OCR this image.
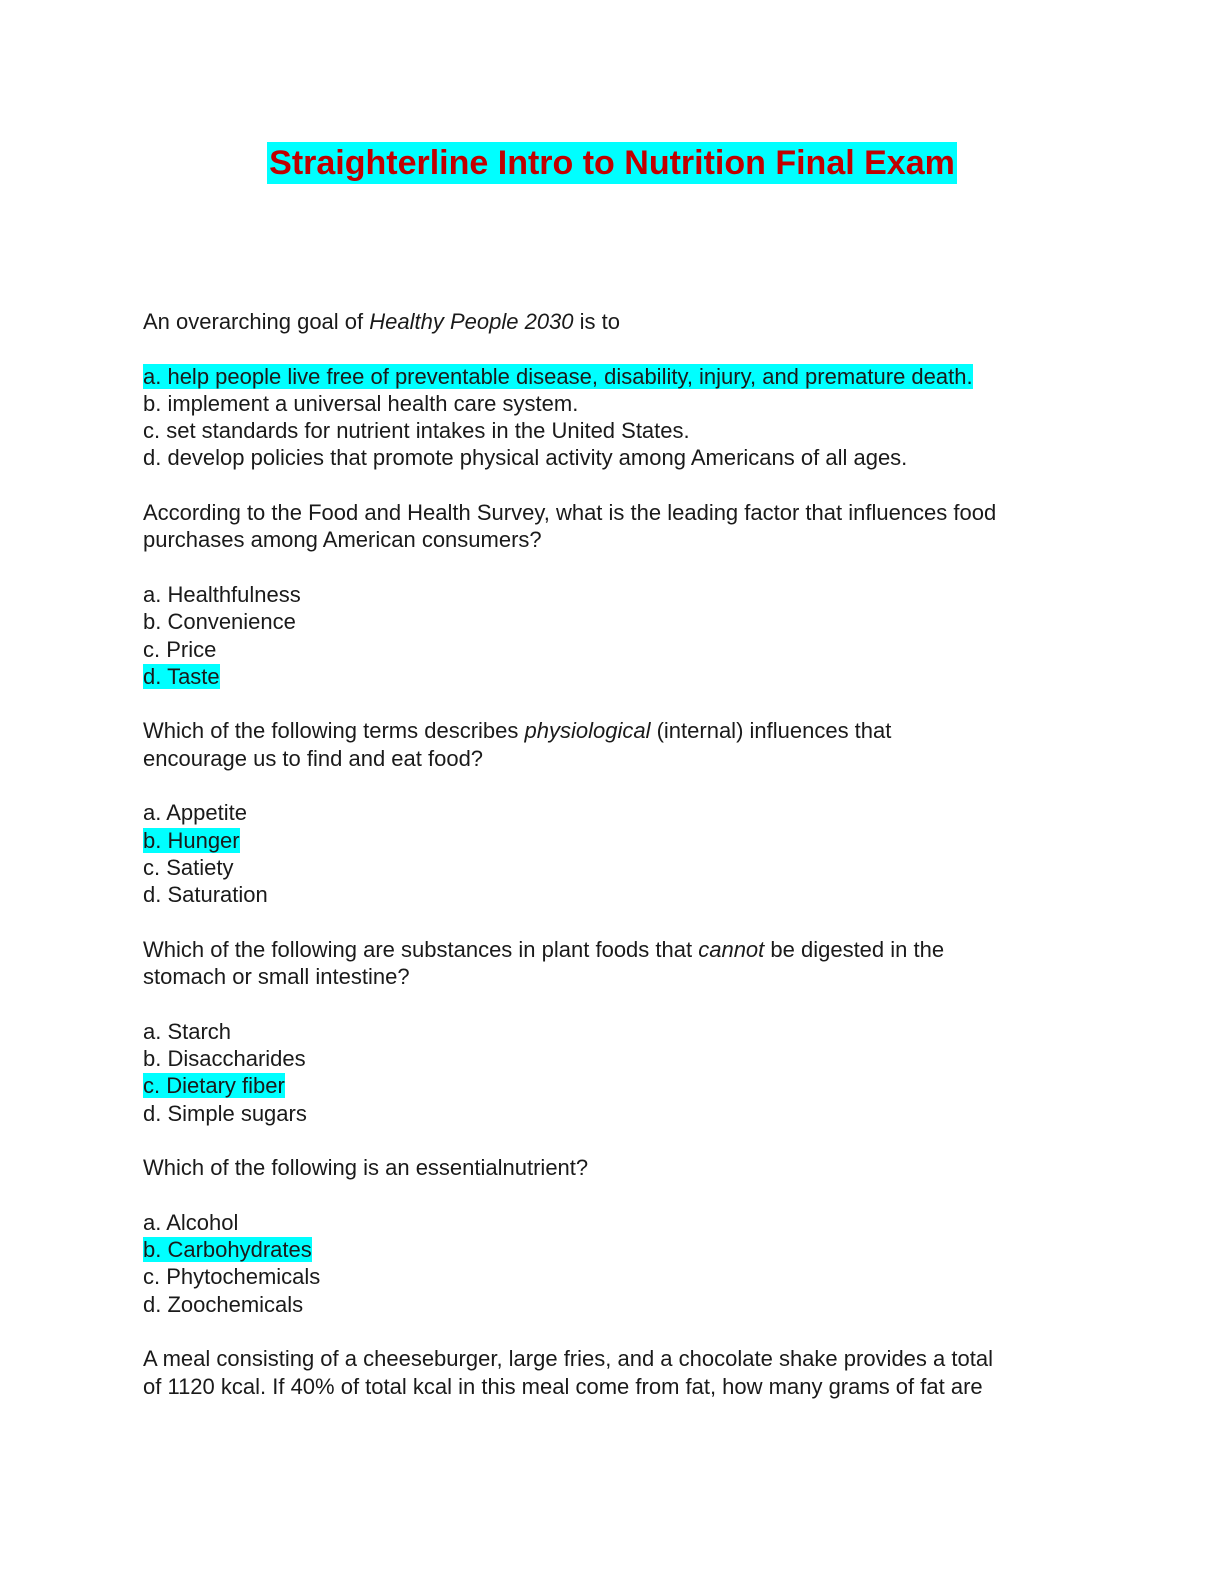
Straighterline Intro to Nutrition Final Exam

An overarching goal of Healthy People 2030 is to

a. help people live free of preventable disease, disability, injury, and premature death.

b. implement a universal health care system.

c. set standards for nutrient intakes in the United States.

d. develop policies that promote physical activity among Americans of all ages.

According to the Food and Health Survey, what is the leading factor that influences food

purchases among American consumers?

a. Healthfulness

b. Convenience

c. Price

d. Taste

Which of the following terms describes physiological (internal) influences that

encourage us to find and eat food?

a. Appetite

b. Hunger

c. Satiety

d. Saturation

Which of the following are substances in plant foods that cannot be digested in the

stomach or small intestine?

a. Starch

b. Disaccharides

c. Dietary fiber

d. Simple sugars

Which of the following is an essentialnutrient?

a. Alcohol

b. Carbohydrates

c. Phytochemicals

d. Zoochemicals

A meal consisting of a cheeseburger, large fries, and a chocolate shake provides a total

of 1120 kcal. If 40% of total kcal in this meal come from fat, how many grams of fat are
